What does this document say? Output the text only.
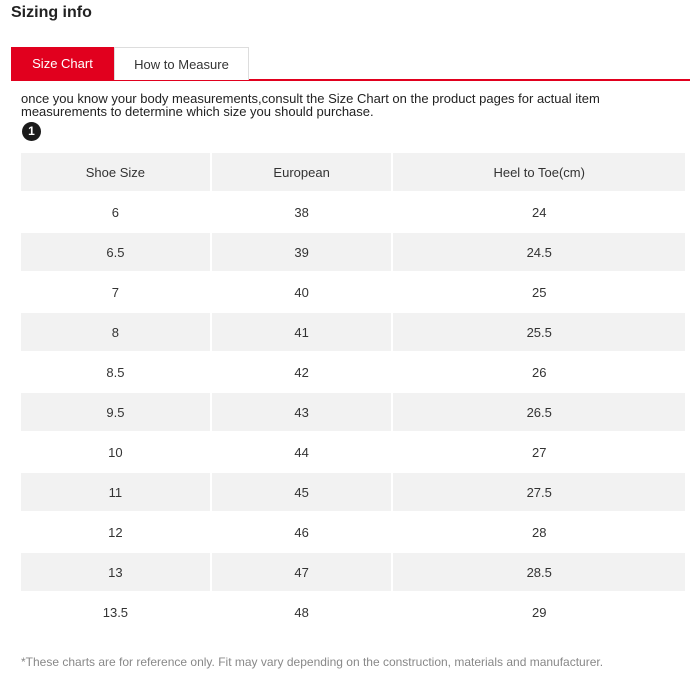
Sizing info
Size Chart	How to Measure

once you know your body measurements,consult the Size Chart on the product pages for actual item measurements to determine which size you should purchase.

1
Shoe Size	European	Heel to Toe(cm)
6	38	24
6.5	39	24.5
7	40	25
8	41	25.5
8.5	42	26
9.5	43	26.5
10	44	27
11	45	27.5
12	46	28
13	47	28.5
13.5	48	29

*These charts are for reference only. Fit may vary depending on the construction, materials and manufacturer.
